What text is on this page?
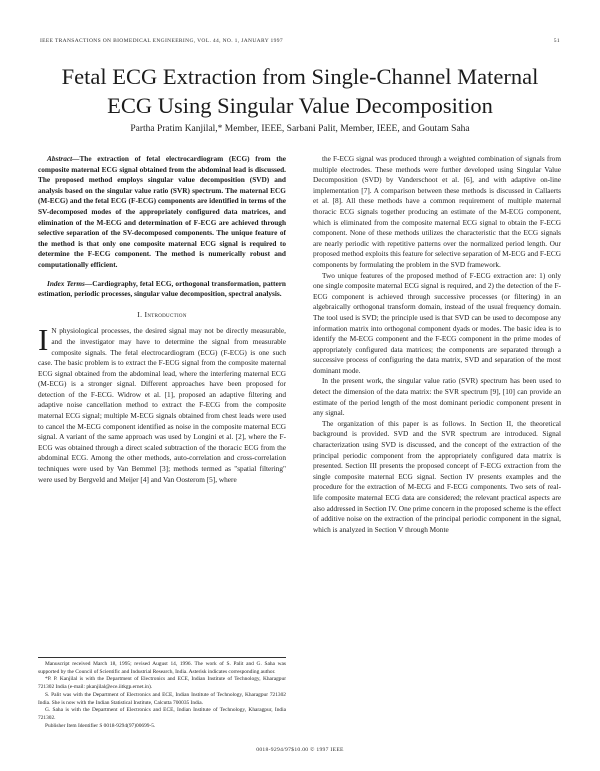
IEEE TRANSACTIONS ON BIOMEDICAL ENGINEERING, VOL. 44, NO. 1, JANUARY 1997	51
Fetal ECG Extraction from Single-Channel Maternal
ECG Using Singular Value Decomposition
Partha Pratim Kanjilal,* Member, IEEE, Sarbani Palit, Member, IEEE, and Goutam Saha

Abstract—The extraction of fetal electrocardiogram (ECG) from the composite maternal ECG signal obtained from the abdominal lead is discussed. The proposed method employs singular value decomposition (SVD) and analysis based on the singular value ratio (SVR) spectrum. The maternal ECG (M-ECG) and the fetal ECG (F-ECG) components are identified in terms of the SV-decomposed modes of the appropriately configured data matrices, and elimination of the M-ECG and determination of F-ECG are achieved through selective separation of the SV-decomposed components. The unique feature of the method is that only one composite maternal ECG signal is required to determine the F-ECG component. The method is numerically robust and computationally efficient.

Index Terms—Cardiography, fetal ECG, orthogonal transformation, pattern estimation, periodic processes, singular value decomposition, spectral analysis.

I. Introduction

I N physiological processes, the desired signal may not be directly measurable, and the investigator may have to determine the signal from measurable composite signals. The fetal electrocardiogram (ECG) (F-ECG) is one such case. The basic problem is to extract the F-ECG signal from the composite maternal ECG signal obtained from the abdominal lead, where the interfering maternal ECG (M-ECG) is a stronger signal. Different approaches have been proposed for detection of the F-ECG. Widrow et al. [1], proposed an adaptive filtering and adaptive noise cancellation method to extract the F-ECG from the composite maternal ECG signal; multiple M-ECG signals obtained from chest leads were used to cancel the M-ECG component identified as noise in the composite maternal ECG signal. A variant of the same approach was used by Longini et al. [2], where the F-ECG was obtained through a direct scaled subtraction of the thoracic ECG from the abdominal ECG. Among the other methods, auto-correlation and cross-correlation techniques were used by Van Bemmel [3]; methods termed as "spatial filtering" were used by Bergveld and Meijer [4] and Van Oosterom [5], where

the F-ECG signal was produced through a weighted combination of signals from multiple electrodes. These methods were further developed using Singular Value Decomposition (SVD) by Vanderschoot et al. [6], and with adaptive on-line implementation [7]. A comparison between these methods is discussed in Callaerts et al. [8]. All these methods have a common requirement of multiple maternal thoracic ECG signals together producing an estimate of the M-ECG component, which is eliminated from the composite maternal ECG signal to obtain the F-ECG component. None of these methods utilizes the characteristic that the ECG signals are nearly periodic with repetitive patterns over the normalized period length. Our proposed method exploits this feature for selective separation of M-ECG and F-ECG components by formulating the problem in the SVD framework.

Two unique features of the proposed method of F-ECG extraction are: 1) only one single composite maternal ECG signal is required, and 2) the detection of the F-ECG component is achieved through successive processes (or filtering) in an algebraically orthogonal transform domain, instead of the usual frequency domain. The tool used is SVD; the principle used is that SVD can be used to decompose any information matrix into orthogonal component dyads or modes. The basic idea is to identify the M-ECG component and the F-ECG component in the prime modes of appropriately configured data matrices; the components are separated through a successive process of configuring the data matrix, SVD and separation of the most dominant mode.

In the present work, the singular value ratio (SVR) spectrum has been used to detect the dimension of the data matrix: the SVR spectrum [9], [10] can provide an estimate of the period length of the most dominant periodic component present in any signal.

The organization of this paper is as follows. In Section II, the theoretical background is provided. SVD and the SVR spectrum are introduced. Signal characterization using SVD is discussed, and the concept of the extraction of the principal periodic component from the appropriately configured data matrix is presented. Section III presents the proposed concept of F-ECG extraction from the single composite maternal ECG signal. Section IV presents examples and the procedure for the extraction of M-ECG and F-ECG components. Two sets of real-life composite maternal ECG data are considered; the relevant practical aspects are also addressed in Section IV. One prime concern in the proposed scheme is the effect of additive noise on the extraction of the principal periodic component in the signal, which is analyzed in Section V through Monte

Manuscript received March 18, 1995; revised August 14, 1996. The work of S. Palit and G. Saha was supported by the Council of Scientific and Industrial Research, India. Asterisk indicates corresponding author.

*P. P. Kanjilal is with the Department of Electronics and ECE, Indian Institute of Technology, Kharagpur 721302 India (e-mail: pkanjilal@ece.iitkgp.ernet.in).

S. Palit was with the Department of Electronics and ECE, Indian Institute of Technology, Kharagpur 721302 India. She is now with the Indian Statistical Institute, Calcutta 700035 India.

G. Saha is with the Department of Electronics and ECE, Indian Institute of Technology, Kharagpur, India 721302.

Publisher Item Identifier S 0018-9294(97)00699-5.

0018-9294/97$10.00 © 1997 IEEE
